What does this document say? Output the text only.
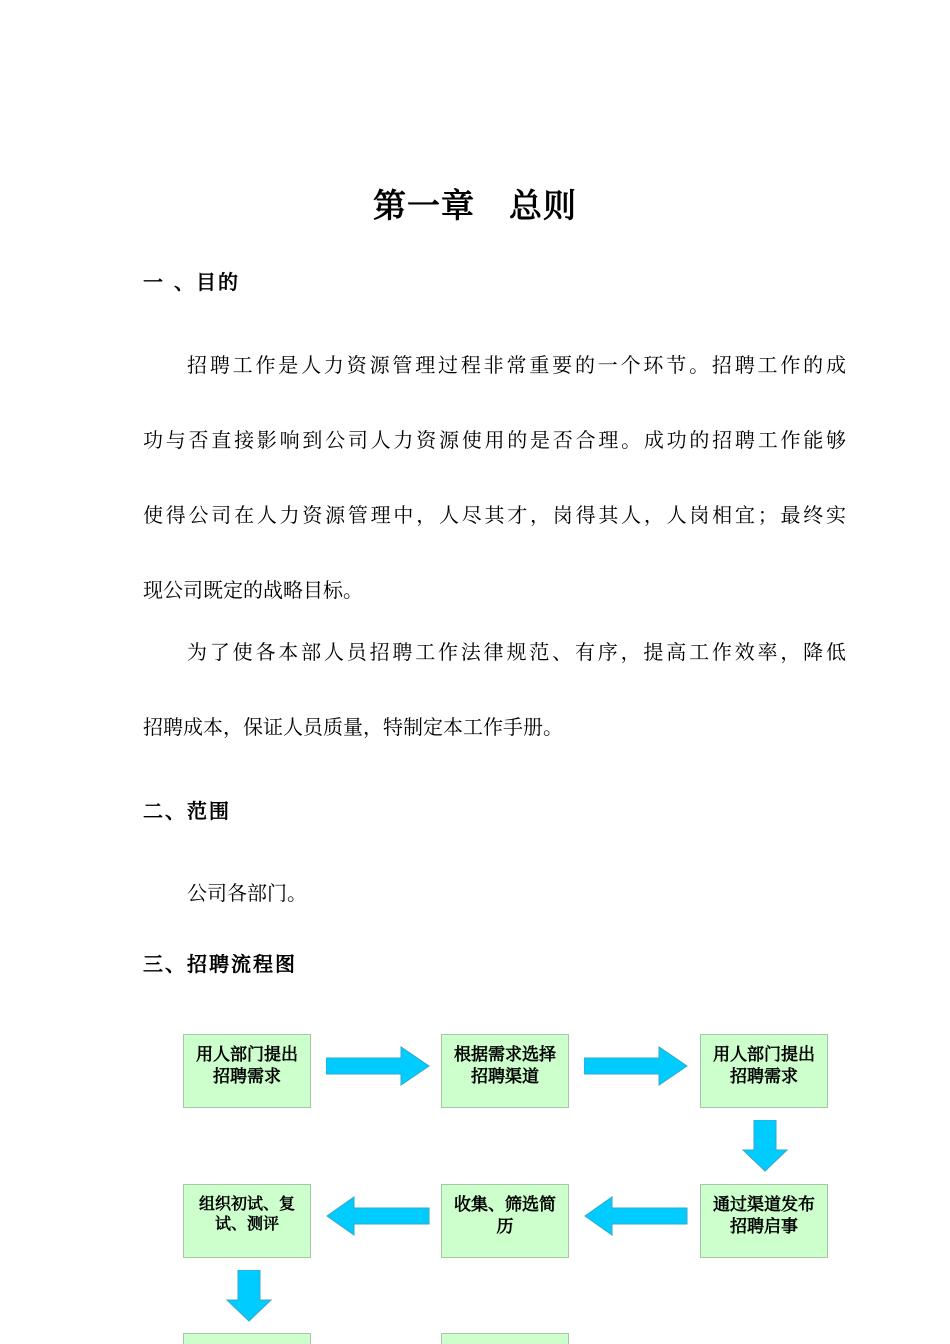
第一章　总则
一 、目的
招聘工作是人力资源管理过程非常重要的一个环节。招聘工作的成
功与否直接影响到公司人力资源使用的是否合理。成功的招聘工作能够
使得公司在人力资源管理中，人尽其才，岗得其人，人岗相宜；最终实
现公司既定的战略目标。
为了使各本部人员招聘工作法律规范、有序，提高工作效率，降低
招聘成本，保证人员质量，特制定本工作手册。
二、范围
公司各部门。
三、招聘流程图
用人部门提出
招聘需求
根据需求选择
招聘渠道
用人部门提出
招聘需求
通过渠道发布
招聘启事
收集、筛选简
历
组织初试、复
试、测评
